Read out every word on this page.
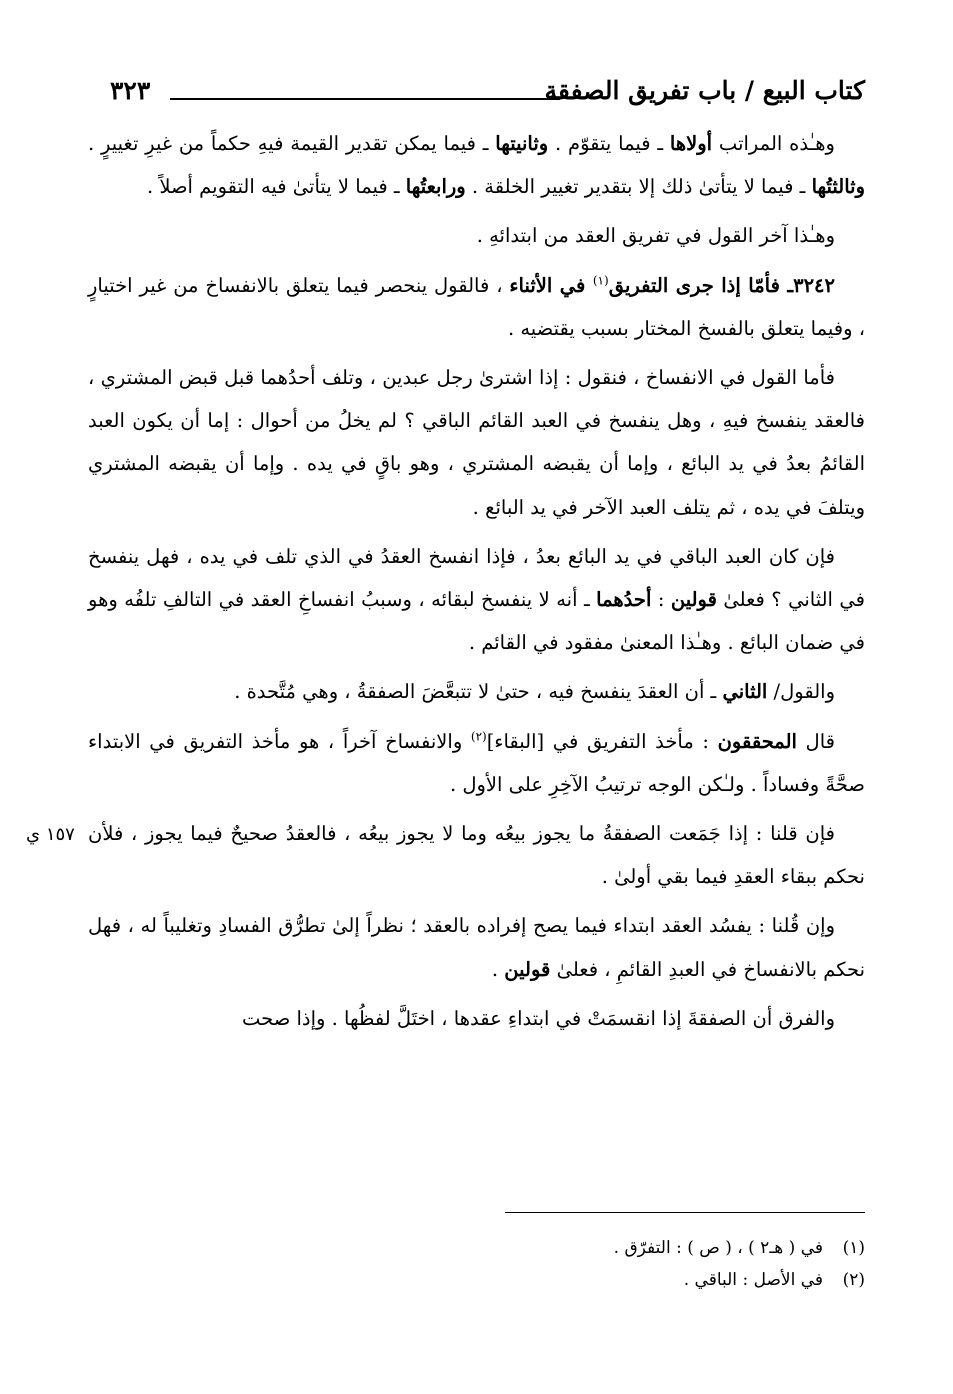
كتاب البيع / باب تفريق الصفقة
٣٢٣

وهـٰذه المراتب أولاها ـ فيما يتقوّم . وثانيتها ـ فيما يمكن تقدير القيمة فيهِ حكماً من غيرِ تغييرٍ . وثالثتُها ـ فيما لا يتأتىٰ ذلك إلا بتقدير تغيير الخلقة . ورابعتُها ـ فيما لا يتأتىٰ فيه التقويم أصلاً .

وهـٰذا آخر القول في تفريق العقد من ابتدائهِ .

٣٢٤٢ـ فأمّا إذا جرى التفريق$^{(١)}$ في الأثناء ، فالقول ينحصر فيما يتعلق بالانفساخ من غير اختيارٍ ، وفيما يتعلق بالفسخ المختار بسبب يقتضيه .

فأما القول في الانفساخ ، فنقول : إذا اشترىٰ رجل عبدين ، وتلف أحدُهما قبل قبض المشتري ، فالعقد ينفسخ فيهِ ، وهل ينفسخ في العبد القائم الباقي ؟ لم يخلُ من أحوال : إما أن يكون العبد القائمُ بعدُ في يد البائع ، وإما أن يقبضه المشتري ، وهو باقٍ في يده . وإما أن يقبضه المشتري ويتلفَ في يده ، ثم يتلف العبد الآخر في يد البائع .

فإن كان العبد الباقي في يد البائع بعدُ ، فإذا انفسخ العقدُ في الذي تلف في يده ، فهل ينفسخ في الثاني ؟ فعلىٰ قولين : أحدُهما ـ أنه لا ينفسخ لبقائه ، وسببُ انفساخِ العقد في التالفِ تلفُه وهو في ضمان البائع . وهـٰذا المعنىٰ مفقود في القائم .

والقول/ الثاني ـ أن العقدَ ينفسخ فيه ، حتىٰ لا تتبعَّضَ الصفقةُ ، وهي مُتَّحدة .

قال المحققون : مأخذ التفريق في [البقاء]$^{(٢)}$ والانفساخ آخراً ، هو مأخذ التفريق في الابتداء صحَّةً وفساداً . ولـٰكن الوجه ترتيبُ الآخِرِ على الأول .

فإن قلنا : إذا جَمَعت الصفقةُ ما يجوز بيعُه وما لا يجوز بيعُه ، فالعقدُ صحيحٌ فيما يجوز ، فلأن نحكم ببقاء العقدِ فيما بقي أولىٰ .

وإن قُلنا : يفسُد العقد ابتداء فيما يصح إفراده بالعقد ؛ نظراً إلىٰ تطرُّق الفسادِ وتغليباً له ، فهل نحكم بالانفساخ في العبدِ القائمِ ، فعلىٰ قولين .

والفرق أن الصفقةَ إذا انقسمَتْ في ابتداءِ عقدها ، اختَلَّ لفظُها . وإذا صحت

١٥٧ ي
(١)في ( هـ٢ ) ، ( ص ) : التفرّق .
(٢)في الأصل : الباقي .
